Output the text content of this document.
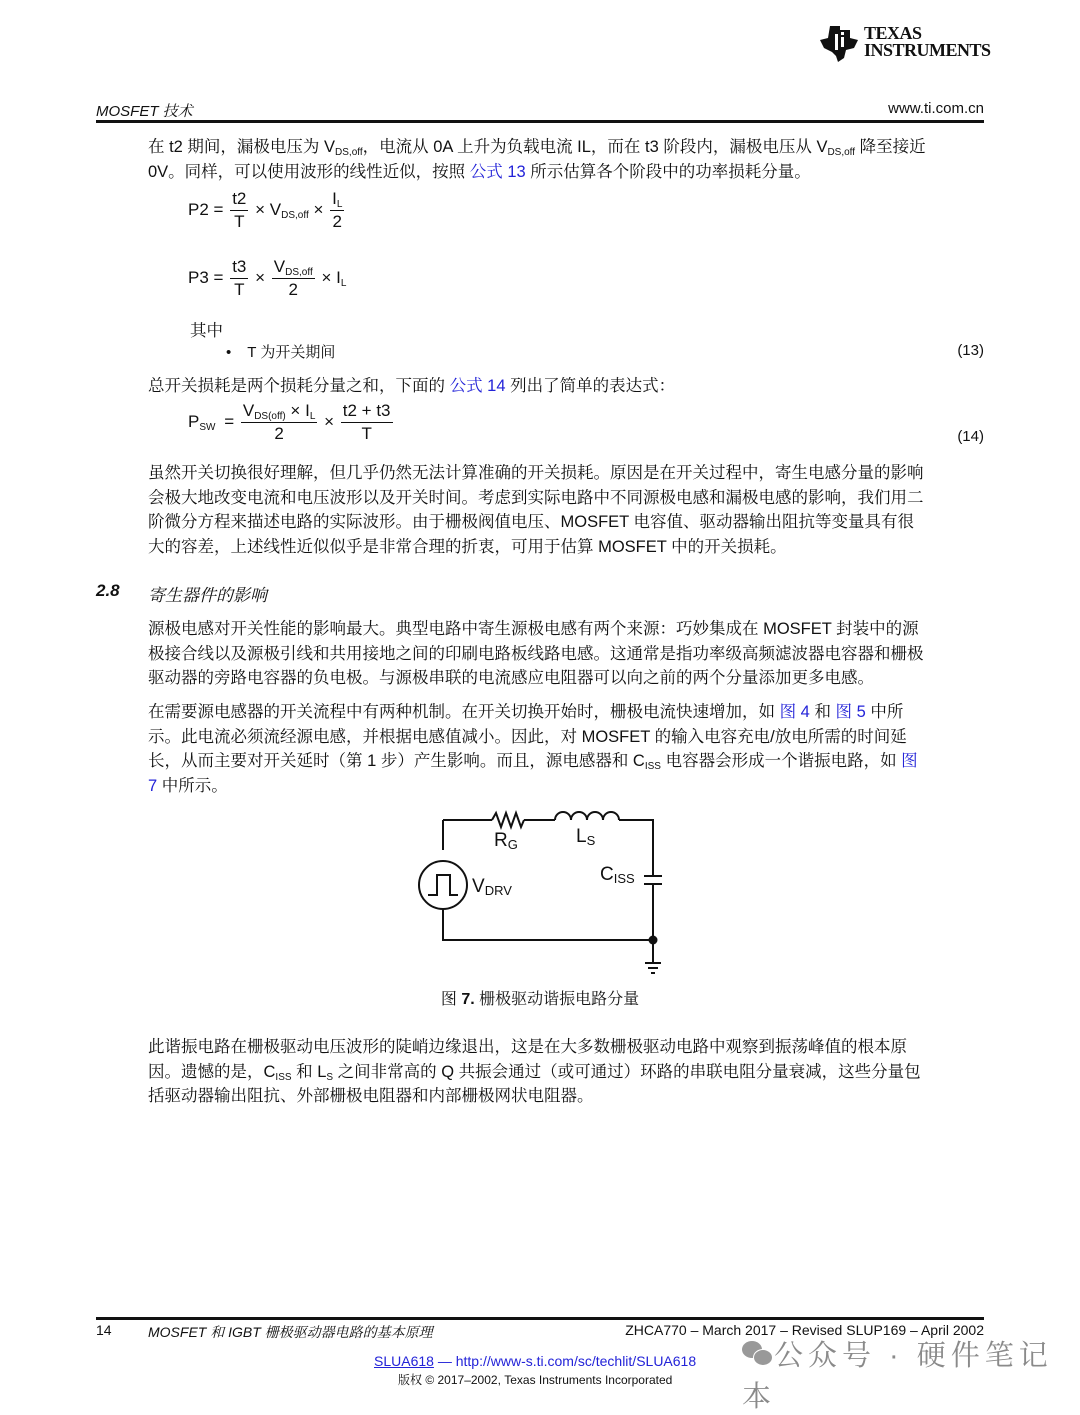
TEXAS
INSTRUMENTS
MOSFET 技术	www.ti.com.cn
在 t2 期间，漏极电压为 $V_{DS,off}$，电流从 0A 上升为负载电流 IL，而在 t3 阶段内，漏极电压从 $V_{DS,off}$ 降至接近
0V。同样，可以使用波形的线性近似，按照 公式 13 所示估算各个阶段中的功率损耗分量。
$P2 = \frac{t2}{T} \times V_{DS,off} \times \frac{I_L}{2}$
$P3 = \frac{t3}{T} \times \frac{V_{DS,off}}{2} \times I_L$
其中
• T 为开关期间	(13)
总开关损耗是两个损耗分量之和，下面的 公式 14 列出了简单的表达式：
$P_{SW} = \frac{V_{DS(off)} \times I_L}{2} \times \frac{t2 + t3}{T}$	(14)
虽然开关切换很好理解，但几乎仍然无法计算准确的开关损耗。原因是在开关过程中，寄生电感分量的影响
会极大地改变电流和电压波形以及开关时间。考虑到实际电路中不同源极电感和漏极电感的影响，我们用二
阶微分方程来描述电路的实际波形。由于栅极阀值电压、MOSFET 电容值、驱动器输出阻抗等变量具有很
大的容差，上述线性近似似乎是非常合理的折衷，可用于估算 MOSFET 中的开关损耗。
2.8 寄生器件的影响
源极电感对开关性能的影响最大。典型电路中寄生源极电感有两个来源：巧妙集成在 MOSFET 封装中的源
极接合线以及源极引线和共用接地之间的印刷电路板线路电感。这通常是指功率级高频滤波器电容器和栅极
驱动器的旁路电容器的负电极。与源极串联的电流感应电阻器可以向之前的两个分量添加更多电感。
在需要源电感器的开关流程中有两种机制。在开关切换开始时，栅极电流快速增加，如 图 4 和 图 5 中所
示。此电流必须流经源电感，并根据电感值减小。因此，对 MOSFET 的输入电容充电/放电所需的时间延
长，从而主要对开关延时（第 1 步）产生影响。而且，源电感器和 $C_{ISS}$ 电容器会形成一个谐振电路，如 图
7 中所示。
$R_G$	$L_S$
$C_{ISS}$
$V_{DRV}$
图 7. 栅极驱动谐振电路分量
此谐振电路在栅极驱动电压波形的陡峭边缘退出，这是在大多数栅极驱动电路中观察到振荡峰值的根本原
因。遗憾的是，$C_{ISS}$ 和 $L_S$ 之间非常高的 Q 共振会通过（或可通过）环路的串联电阻分量衰减，这些分量包
括驱动器输出阻抗、外部栅极电阻器和内部栅极网状电阻器。
14	MOSFET 和 IGBT 栅极驱动器电路的基本原理	ZHCA770 – March 2017 – Revised SLUP169 – April 2002
SLUA618 — http://www-s.ti.com/sc/techlit/SLUA618
版权 © 2017–2002, Texas Instruments Incorporated
公众号 · 硬件笔记本
